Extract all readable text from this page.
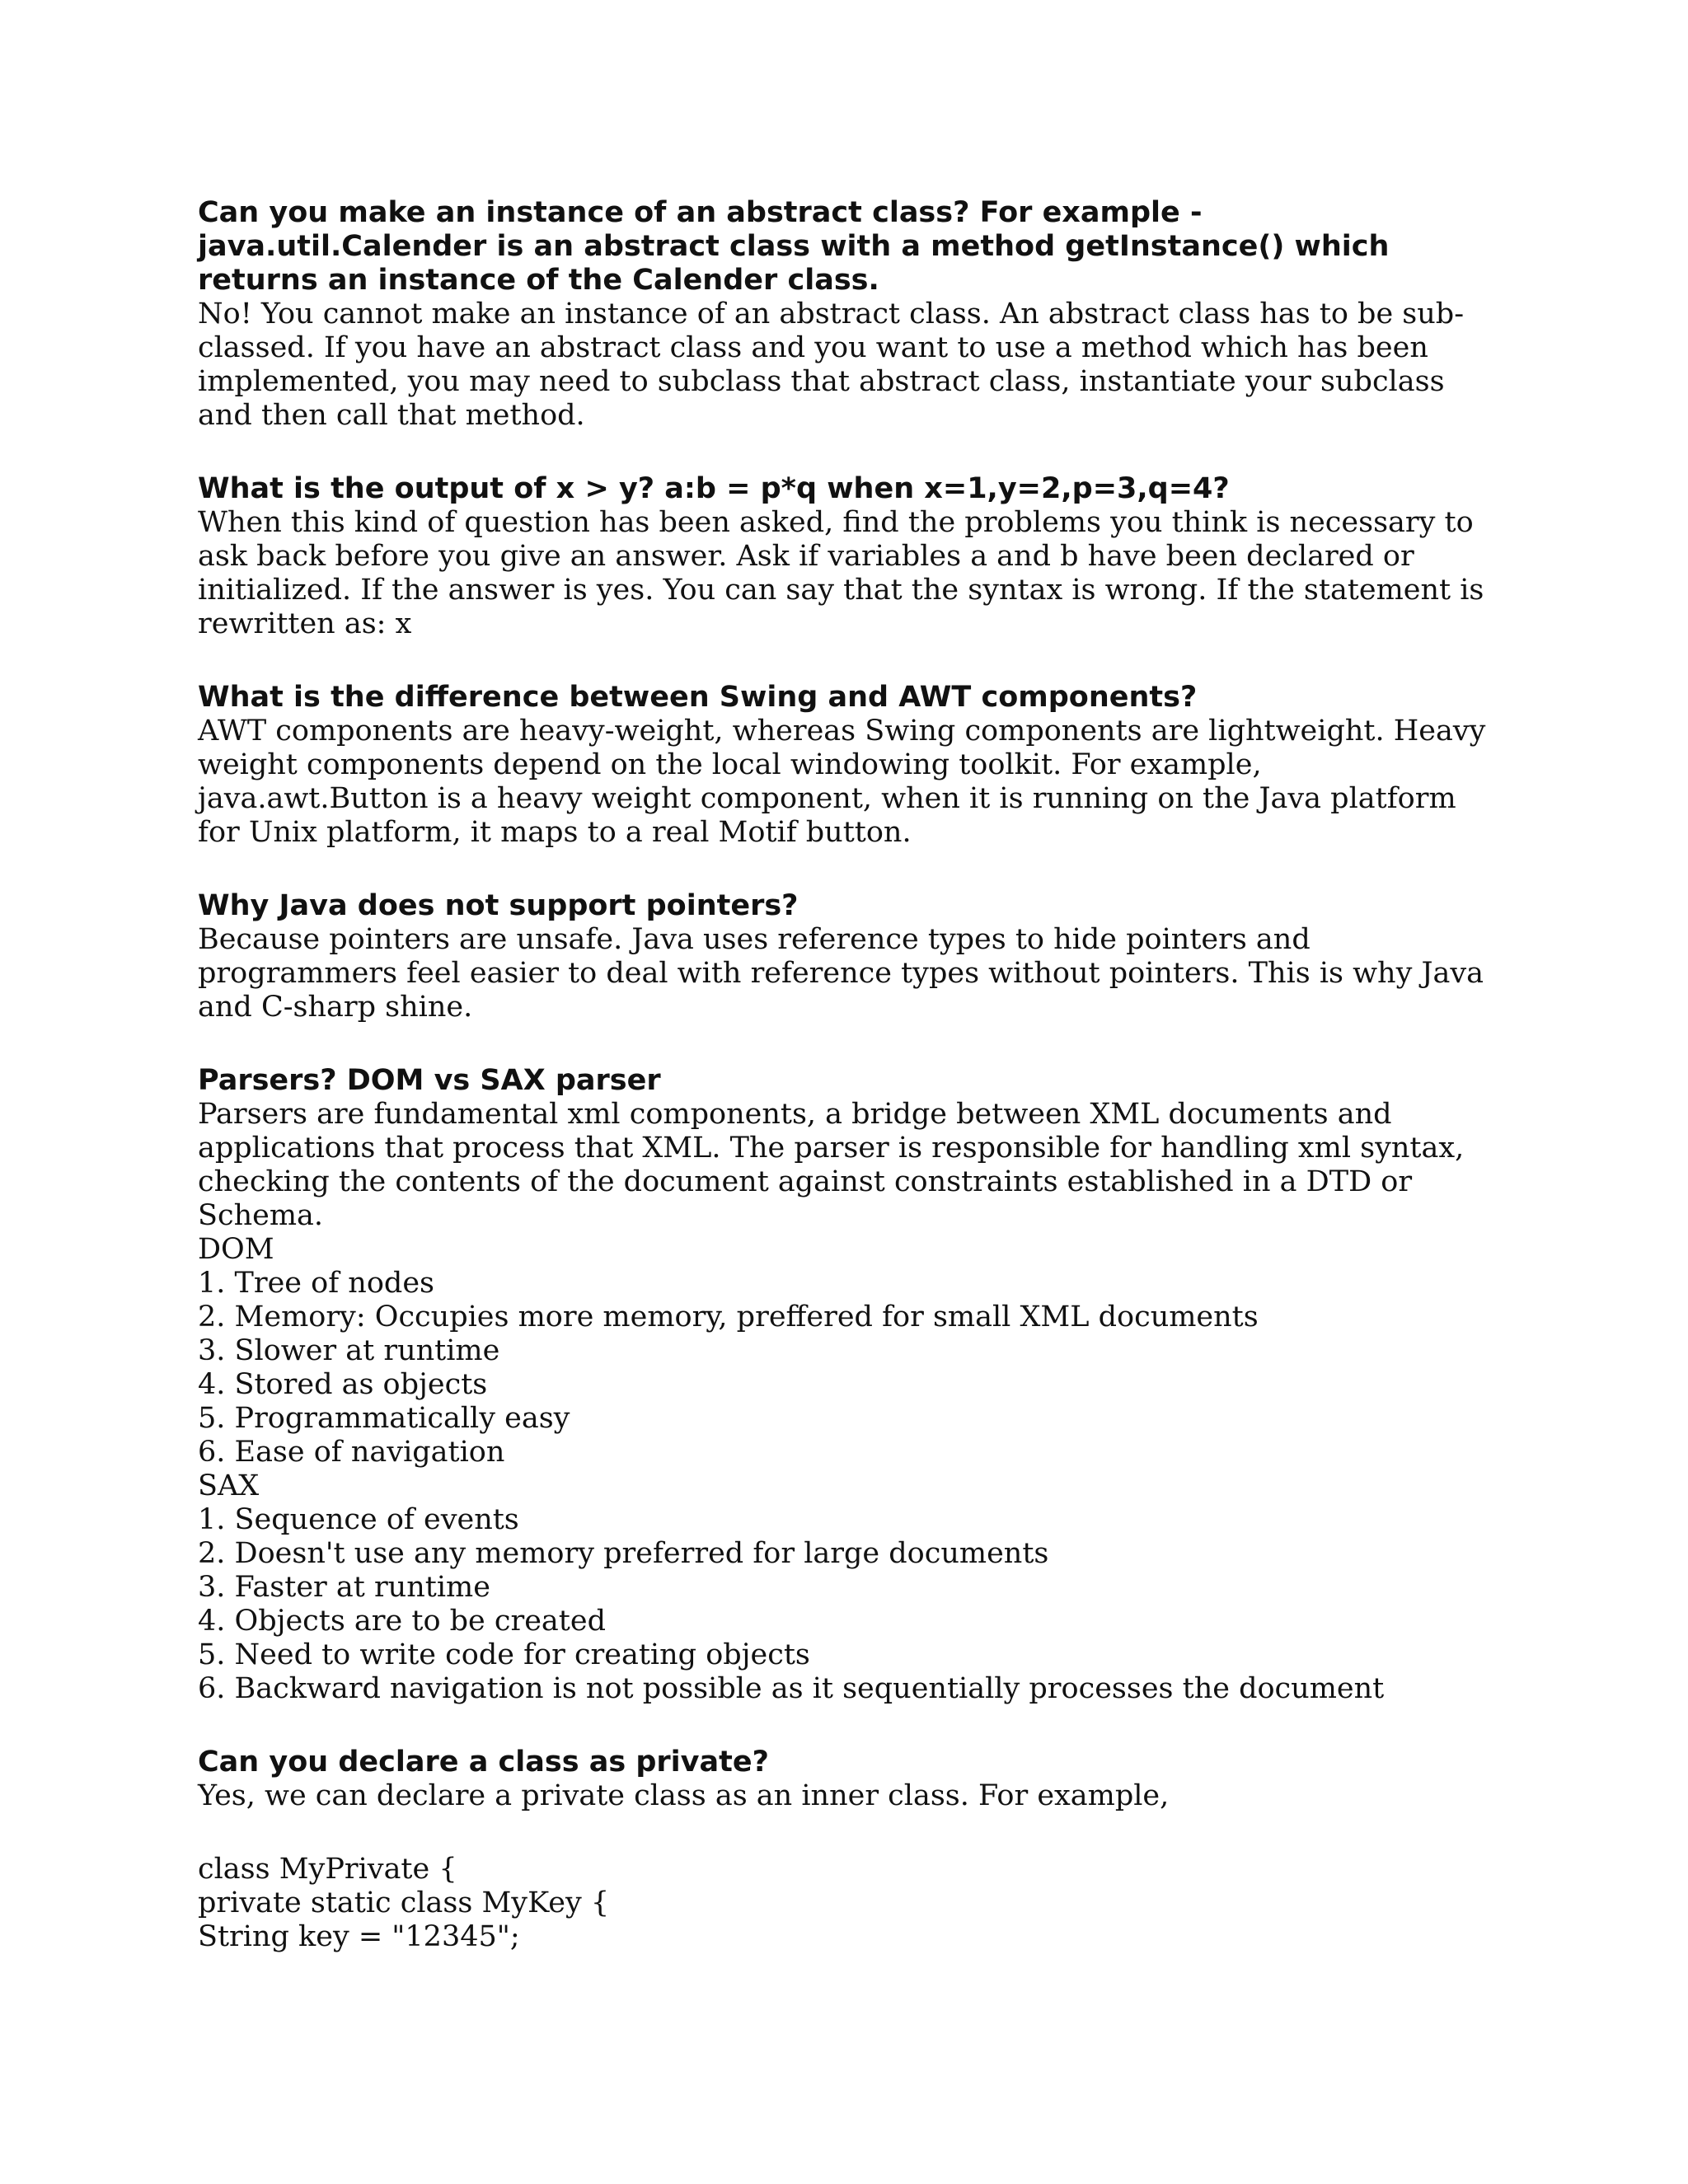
Can you make an instance of an abstract class? For example - java.util.Calender is an abstract class with a method getInstance() which returns an instance of the Calender class.

No! You cannot make an instance of an abstract class. An abstract class has to be sub-classed. If you have an abstract class and you want to use a method which has been implemented, you may need to subclass that abstract class, instantiate your subclass and then call that method.

What is the output of x > y? a:b = p*q when x=1,y=2,p=3,q=4?

When this kind of question has been asked, find the problems you think is necessary to ask back before you give an answer. Ask if variables a and b have been declared or initialized. If the answer is yes. You can say that the syntax is wrong. If the statement is rewritten as: x

What is the difference between Swing and AWT components?

AWT components are heavy-weight, whereas Swing components are lightweight. Heavy weight components depend on the local windowing toolkit. For example, java.awt.Button is a heavy weight component, when it is running on the Java platform for Unix platform, it maps to a real Motif button.

Why Java does not support pointers?

Because pointers are unsafe. Java uses reference types to hide pointers and programmers feel easier to deal with reference types without pointers. This is why Java and C-sharp shine.

Parsers? DOM vs SAX parser

Parsers are fundamental xml components, a bridge between XML documents and applications that process that XML. The parser is responsible for handling xml syntax, checking the contents of the document against constraints established in a DTD or Schema.

DOM
1. Tree of nodes
2. Memory: Occupies more memory, preffered for small XML documents
3. Slower at runtime
4. Stored as objects
5. Programmatically easy
6. Ease of navigation
SAX
1. Sequence of events
2. Doesn't use any memory preferred for large documents
3. Faster at runtime
4. Objects are to be created
5. Need to write code for creating objects
6. Backward navigation is not possible as it sequentially processes the document

Can you declare a class as private?

Yes, we can declare a private class as an inner class. For example,

class MyPrivate {
private static class MyKey {
String key = "12345";
